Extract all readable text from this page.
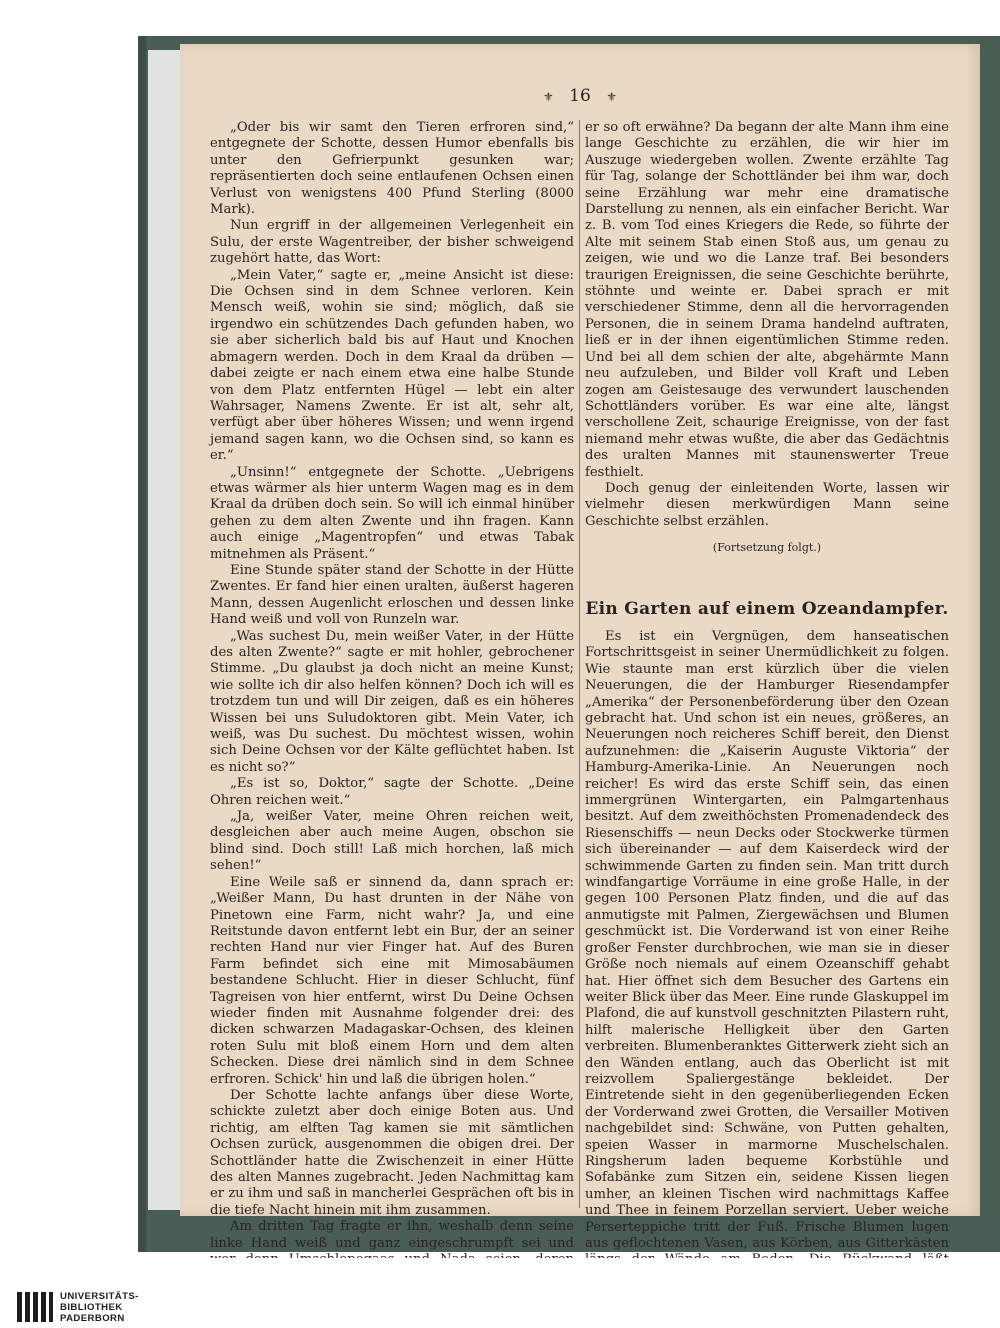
⚜ 16 ⚜

„Oder bis wir samt den Tieren erfroren sind,“ entgegnete der Schotte, dessen Humor ebenfalls bis unter den Gefrierpunkt gesunken war; repräsentierten doch seine entlaufenen Ochsen einen Verlust von wenigstens 400 Pfund Sterling (8000 Mark).

Nun ergriff in der allgemeinen Verlegenheit ein Sulu, der erste Wagentreiber, der bisher schweigend zugehört hatte, das Wort:

„Mein Vater,“ sagte er, „meine Ansicht ist diese: Die Ochsen sind in dem Schnee verloren. Kein Mensch weiß, wohin sie sind; möglich, daß sie irgendwo ein schützendes Dach gefunden haben, wo sie aber sicherlich bald bis auf Haut und Knochen abmagern werden. Doch in dem Kraal da drüben — dabei zeigte er nach einem etwa eine halbe Stunde von dem Platz entfernten Hügel — lebt ein alter Wahrsager, Namens Zwente. Er ist alt, sehr alt, verfügt aber über höheres Wissen; und wenn irgend jemand sagen kann, wo die Ochsen sind, so kann es er.“

„Unsinn!“ entgegnete der Schotte. „Uebrigens etwas wärmer als hier unterm Wagen mag es in dem Kraal da drüben doch sein. So will ich einmal hinüber gehen zu dem alten Zwente und ihn fragen. Kann auch einige „Magentropfen“ und etwas Tabak mitnehmen als Präsent.“

Eine Stunde später stand der Schotte in der Hütte Zwentes. Er fand hier einen uralten, äußerst hageren Mann, dessen Augenlicht erloschen und dessen linke Hand weiß und voll von Runzeln war.

„Was suchest Du, mein weißer Vater, in der Hütte des alten Zwente?“ sagte er mit hohler, gebrochener Stimme. „Du glaubst ja doch nicht an meine Kunst; wie sollte ich dir also helfen können? Doch ich will es trotzdem tun und will Dir zeigen, daß es ein höheres Wissen bei uns Suludoktoren gibt. Mein Vater, ich weiß, was Du suchest. Du möchtest wissen, wohin sich Deine Ochsen vor der Kälte geflüchtet haben. Ist es nicht so?“

„Es ist so, Doktor,“ sagte der Schotte. „Deine Ohren reichen weit.“

„Ja, weißer Vater, meine Ohren reichen weit, desgleichen aber auch meine Augen, obschon sie blind sind. Doch still! Laß mich horchen, laß mich sehen!“

Eine Weile saß er sinnend da, dann sprach er: „Weißer Mann, Du hast drunten in der Nähe von Pinetown eine Farm, nicht wahr? Ja, und eine Reitstunde davon entfernt lebt ein Bur, der an seiner rechten Hand nur vier Finger hat. Auf des Buren Farm befindet sich eine mit Mimosabäumen bestandene Schlucht. Hier in dieser Schlucht, fünf Tagreisen von hier entfernt, wirst Du Deine Ochsen wieder finden mit Ausnahme folgender drei: des dicken schwarzen Madagaskar-Ochsen, des kleinen roten Sulu mit bloß einem Horn und dem alten Schecken. Diese drei nämlich sind in dem Schnee erfroren. Schick' hin und laß die übrigen holen.“

Der Schotte lachte anfangs über diese Worte, schickte zuletzt aber doch einige Boten aus. Und richtig, am elften Tag kamen sie mit sämtlichen Ochsen zurück, ausgenommen die obigen drei. Der Schottländer hatte die Zwischenzeit in einer Hütte des alten Mannes zugebracht. Jeden Nachmittag kam er zu ihm und saß in mancherlei Gesprächen oft bis in die tiefe Nacht hinein mit ihm zusammen.

Am dritten Tag fragte er ihn, weshalb denn seine linke Hand weiß und ganz eingeschrumpft sei und

er so oft erwähne? Da begann der alte Mann ihm eine lange Geschichte zu erzählen, die wir hier im Auszuge wiedergeben wollen. Zwente erzählte Tag für Tag, solange der Schottländer bei ihm war, doch seine Erzählung war mehr eine dramatische Darstellung zu nennen, als ein einfacher Bericht. War z. B. vom Tod eines Kriegers die Rede, so führte der Alte mit seinem Stab einen Stoß aus, um genau zu zeigen, wie und wo die Lanze traf. Bei besonders traurigen Ereignissen, die seine Geschichte berührte, stöhnte und weinte er. Dabei sprach er mit verschiedener Stimme, denn all die hervorragenden Personen, die in seinem Drama handelnd auftraten, ließ er in der ihnen eigentümlichen Stimme reden. Und bei all dem schien der alte, abgehärmte Mann neu aufzuleben, und Bilder voll Kraft und Leben zogen am Geistesauge des verwundert lauschenden Schottländers vorüber. Es war eine alte, längst verschollene Zeit, schaurige Ereignisse, von der fast niemand mehr etwas wußte, die aber das Gedächtnis des uralten Mannes mit staunenswerter Treue festhielt.

Doch genug der einleitenden Worte, lassen wir vielmehr diesen merkwürdigen Mann seine Geschichte selbst erzählen.

(Fortsetzung folgt.)

Ein Garten auf einem Ozeandampfer.

Es ist ein Vergnügen, dem hanseatischen Fortschrittsgeist in seiner Unermüdlichkeit zu folgen. Wie staunte man erst kürzlich über die vielen Neuerungen, die der Hamburger Riesendampfer „Amerika“ der Personenbeförderung über den Ozean gebracht hat. Und schon ist ein neues, größeres, an Neuerungen noch reicheres Schiff bereit, den Dienst aufzunehmen: die „Kaiserin Auguste Viktoria“ der Hamburg-Amerika-Linie. An Neuerungen noch reicher! Es wird das erste Schiff sein, das einen immergrünen Wintergarten, ein Palmgartenhaus besitzt. Auf dem zweithöchsten Promenadendeck des Riesenschiffs — neun Decks oder Stockwerke türmen sich übereinander — auf dem Kaiserdeck wird der schwimmende Garten zu finden sein. Man tritt durch windfangartige Vorräume in eine große Halle, in der gegen 100 Personen Platz finden, und die auf das anmutigste mit Palmen, Ziergewächsen und Blumen geschmückt ist. Die Vorderwand ist von einer Reihe großer Fenster durchbrochen, wie man sie in dieser Größe noch niemals auf einem Ozeanschiff gehabt hat. Hier öffnet sich dem Besucher des Gartens ein weiter Blick über das Meer. Eine runde Glaskuppel im Plafond, die auf kunstvoll geschnitzten Pilastern ruht, hilft malerische Helligkeit über den Garten verbreiten. Blumenberanktes Gitterwerk zieht sich an den Wänden entlang, auch das Oberlicht ist mit reizvollem Spaliergestänge bekleidet. Der Eintretende sieht in den gegenüberliegenden Ecken der Vorderwand zwei Grotten, die Versailler Motiven nachgebildet sind: Schwäne, von Putten gehalten, speien Wasser in marmorne Muschelschalen. Ringsherum laden bequeme Korbstühle und Sofabänke zum Sitzen ein, seidene Kissen liegen umher, an kleinen Tischen wird nachmittags Kaffee und Thee in feinem Porzellan serviert. Ueber weiche Perserteppiche tritt der Fuß. Frische Blumen lugen aus geflochtenen Vasen, aus Körben, aus Gitterkästen

UNIVERSITÄTS-
BIBLIOTHEK
PADERBORN
